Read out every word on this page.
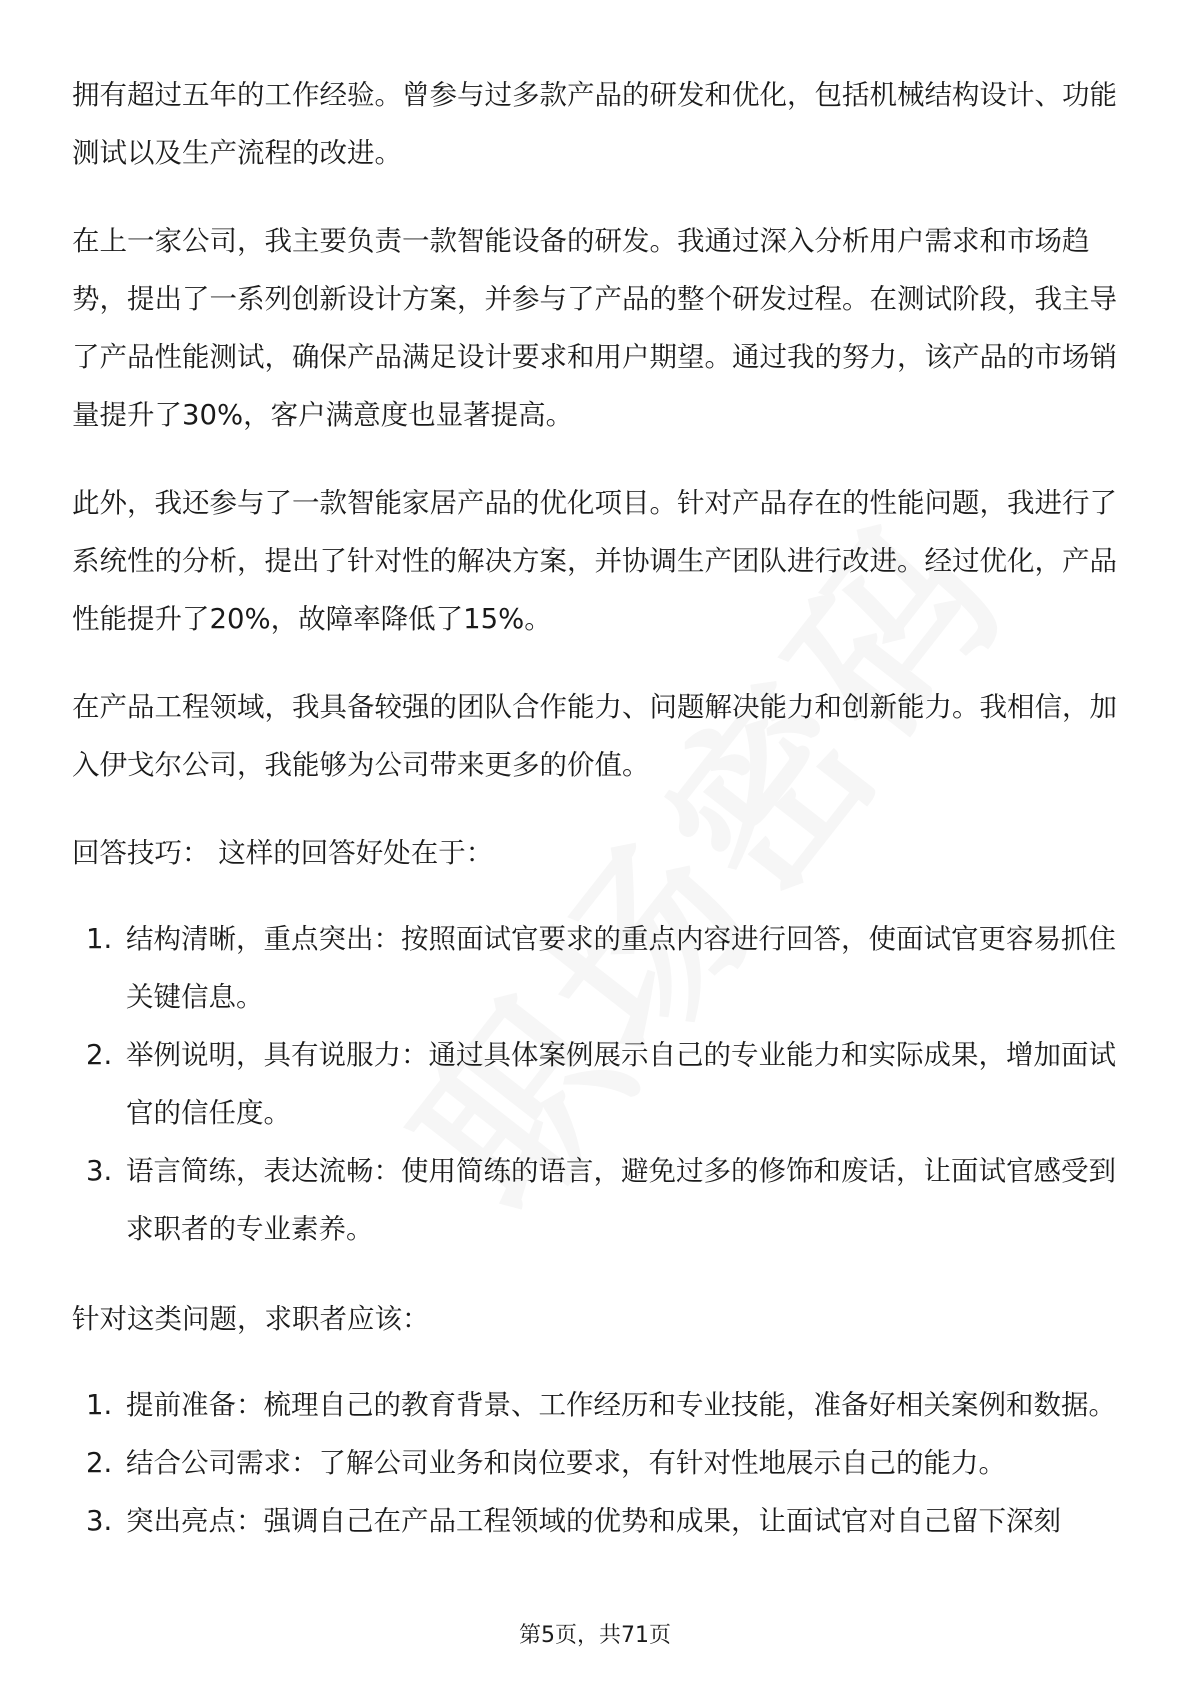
拥有超过五年的工作经验。曾参与过多款产品的研发和优化，包括机械结构设计、功能测试以及生产流程的改进。

在上一家公司，我主要负责一款智能设备的研发。我通过深入分析用户需求和市场趋势，提出了一系列创新设计方案，并参与了产品的整个研发过程。在测试阶段，我主导了产品性能测试，确保产品满足设计要求和用户期望。通过我的努力，该产品的市场销量提升了30%，客户满意度也显著提高。

此外，我还参与了一款智能家居产品的优化项目。针对产品存在的性能问题，我进行了系统性的分析，提出了针对性的解决方案，并协调生产团队进行改进。经过优化，产品性能提升了20%，故障率降低了15%。

在产品工程领域，我具备较强的团队合作能力、问题解决能力和创新能力。我相信，加入伊戈尔公司，我能够为公司带来更多的价值。

回答技巧： 这样的回答好处在于：

1. 结构清晰，重点突出：按照面试官要求的重点内容进行回答，使面试官更容易抓住关键信息。
2. 举例说明，具有说服力：通过具体案例展示自己的专业能力和实际成果，增加面试官的信任度。
3. 语言简练，表达流畅：使用简练的语言，避免过多的修饰和废话，让面试官感受到求职者的专业素养。

针对这类问题，求职者应该：

1. 提前准备：梳理自己的教育背景、工作经历和专业技能，准备好相关案例和数据。
2. 结合公司需求：了解公司业务和岗位要求，有针对性地展示自己的能力。
3. 突出亮点：强调自己在产品工程领域的优势和成果，让面试官对自己留下深刻
第5页，共71页
